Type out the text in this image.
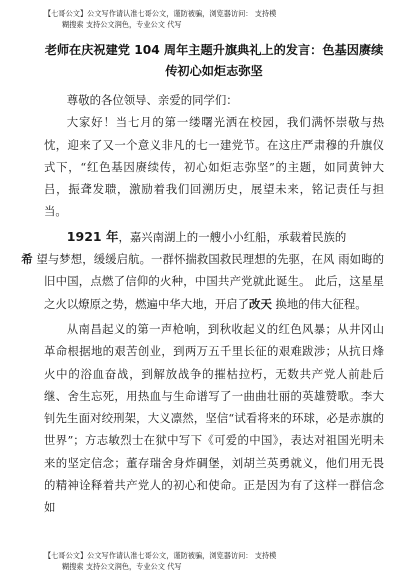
【七哥公文】公文写作请认准七哥公文，谨防被骗，浏览器访问： 支持模
糊搜索 支持公文润色，专业公文 代写
老师在庆祝建党 104 周年主题升旗典礼上的发言：色基因赓续传初心如炬志弥坚

尊敬的各位领导、亲爱的同学们：

大家好！当七月的第一缕曙光洒在校园，我们满怀崇敬与热忱，迎来了又一个意义非凡的七一建党节。在这庄严肃穆的升旗仪式下，“红色基因赓续传，初心如炬志弥坚”的主题，如同黄钟大吕，振聋发聩，激励着我们回溯历史，展望未来，铭记责任与担当。

1921 年，嘉兴南湖上的一艘小小红船，承载着民族的
希 望与梦想，缓缓启航。一群怀揣救国救民理想的先驱，在风 雨如晦的旧中国，点燃了信仰的火种，中国共产党就此诞生。 此后，这星星之火以燎原之势，燃遍中华大地，开启了改天 换地的伟大征程。

从南昌起义的第一声枪响，到秋收起义的红色风暴；从井冈山革命根据地的艰苦创业，到两万五千里长征的艰难跋涉；从抗日烽火中的浴血奋战，到解放战争的摧枯拉朽，无数共产党人前赴后继、舍生忘死，用热血与生命谱写了一曲曲壮丽的英雄赞歌。李大钊先生面对绞刑架，大义凛然，坚信“试看将来的环球，必是赤旗的世界”；方志敏烈士在狱中写下《可爱的中国》，表达对祖国光明未来的坚定信念；董存瑞舍身炸碉堡，刘胡兰英勇就义，他们用无畏的精神诠释着共产党人的初心和使命。正是因为有了这样一群信念如

【七哥公文】公文写作请认准七哥公文，谨防被骗，浏览器访问： 支持模
糊搜索 支持公文润色，专业公文 代写
